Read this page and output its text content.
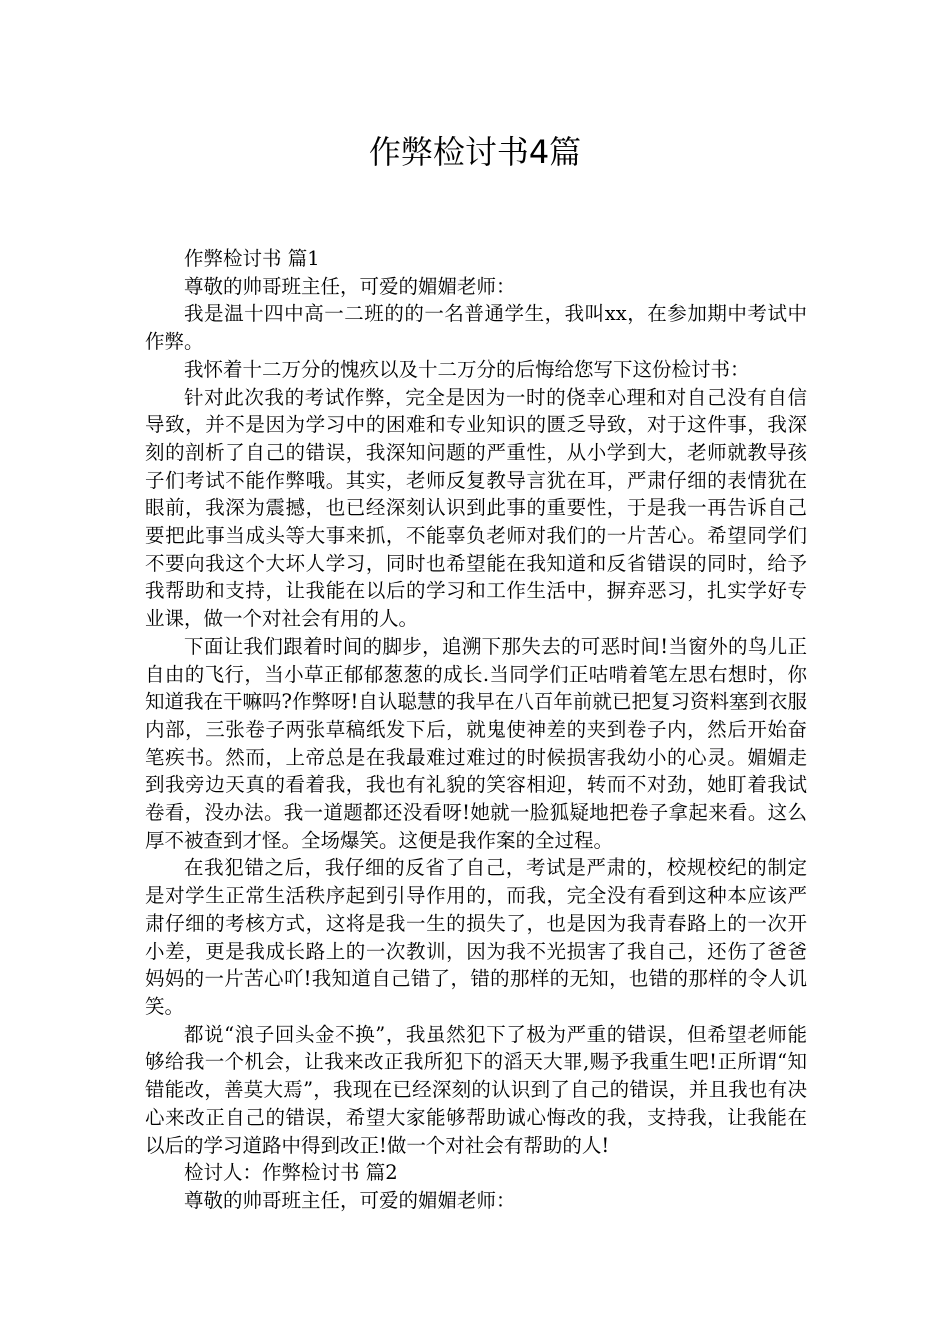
作弊检讨书4篇

作弊检讨书 篇1

尊敬的帅哥班主任，可爱的媚媚老师：

我是温十四中高一二班的的一名普通学生，我叫xx，在参加期中考试中作弊。

我怀着十二万分的愧疚以及十二万分的后悔给您写下这份检讨书：

针对此次我的考试作弊，完全是因为一时的侥幸心理和对自己没有自信导致，并不是因为学习中的困难和专业知识的匮乏导致，对于这件事，我深刻的剖析了自己的错误，我深知问题的严重性，从小学到大，老师就教导孩子们考试不能作弊哦。其实，老师反复教导言犹在耳，严肃仔细的表情犹在眼前，我深为震撼，也已经深刻认识到此事的重要性，于是我一再告诉自己要把此事当成头等大事来抓，不能辜负老师对我们的一片苦心。希望同学们不要向我这个大坏人学习，同时也希望能在我知道和反省错误的同时，给予我帮助和支持，让我能在以后的学习和工作生活中，摒弃恶习，扎实学好专业课，做一个对社会有用的人。

下面让我们跟着时间的脚步，追溯下那失去的可恶时间!当窗外的鸟儿正自由的飞行，当小草正郁郁葱葱的成长.当同学们正咕啃着笔左思右想时，你知道我在干嘛吗?作弊呀!自认聪慧的我早在八百年前就已把复习资料塞到衣服内部，三张卷子两张草稿纸发下后，就鬼使神差的夹到卷子内，然后开始奋笔疾书。然而，上帝总是在我最难过难过的时候损害我幼小的心灵。媚媚走到我旁边天真的看着我，我也有礼貌的笑容相迎，转而不对劲，她盯着我试卷看，没办法。我一道题都还没看呀!她就一脸狐疑地把卷子拿起来看。这么厚不被查到才怪。全场爆笑。这便是我作案的全过程。

在我犯错之后，我仔细的反省了自己，考试是严肃的，校规校纪的制定是对学生正常生活秩序起到引导作用的，而我，完全没有看到这种本应该严肃仔细的考核方式，这将是我一生的损失了，也是因为我青春路上的一次开小差，更是我成长路上的一次教训，因为我不光损害了我自己，还伤了爸爸妈妈的一片苦心吖!我知道自己错了，错的那样的无知，也错的那样的令人讥笑。

都说“浪子回头金不换”，我虽然犯下了极为严重的错误，但希望老师能够给我一个机会，让我来改正我所犯下的滔天大罪,赐予我重生吧!正所谓“知错能改，善莫大焉”，我现在已经深刻的认识到了自己的错误，并且我也有决心来改正自己的错误，希望大家能够帮助诚心悔改的我，支持我，让我能在以后的学习道路中得到改正!做一个对社会有帮助的人!

检讨人：作弊检讨书 篇2

尊敬的帅哥班主任，可爱的媚媚老师：
